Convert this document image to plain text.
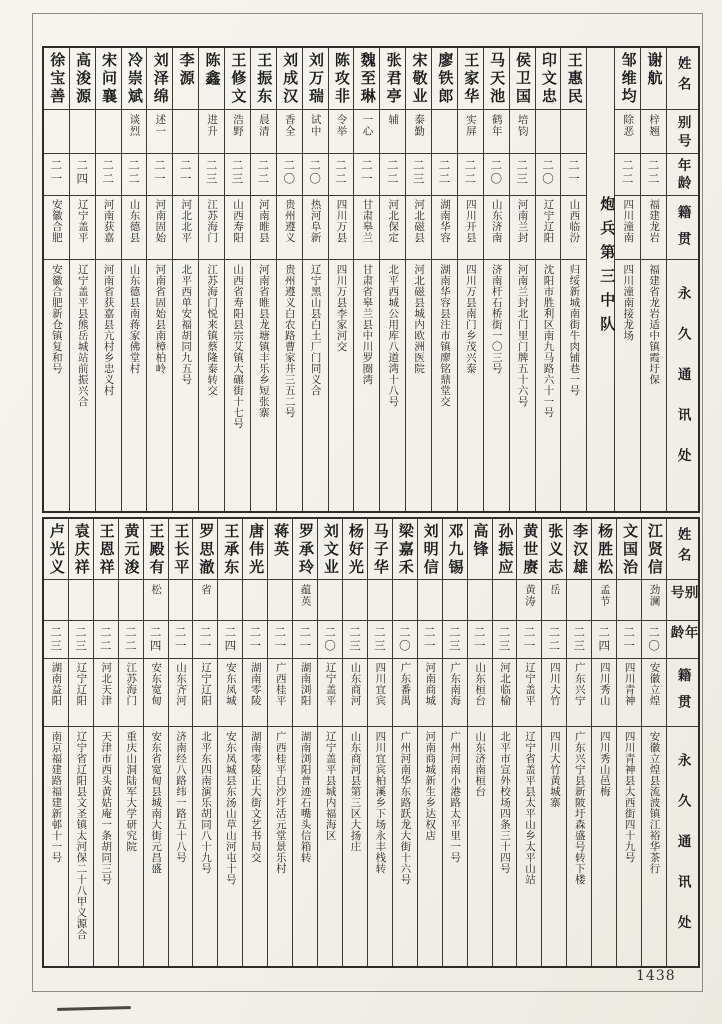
姓名
别号
年龄
籍贯
永久通讯处
谢航
梓翘
二二
福建龙岩
福建省龙岩适中镇霞圩保
邹维均
除恶
二二
四川潼南
四川潼南接龙场
炮兵第三中队
王惠民
二一
山西临汾
归绥新城南街牛肉铺巷一号
印文忠
二〇
辽宁辽阳
沈阳市胜利区南九马路六十一号
侯卫国
培钧
二三
河南兰封
河南兰封北门里门牌五十六号
马天池
鹤年
二〇
山东济南
济南杆石桥街一〇三号
王家华
实屏
二二
四川开县
四川万县南门乡茂兴泰
廖铁郎
二二
湖南华容
湖南华容县注市镇廖铭鼎堂交
宋敬业
泰勤
二三
河北磁县
河北磁县城内欧洲医院
张君亭
辅
二二
河北保定
北平西城公用库八道湾十八号
魏至琳
一心
二一
甘肃皋兰
甘肃省皋兰县中川罗圈湾
陈攻非
令举
二二
四川万县
四川万县李家河交
刘万瑞
试中
二〇
热河阜新
辽宁黑山县白土厂门同义合
刘成汉
香全
二〇
贵州遵义
贵州遵义白农路曹家井三五二号
王振东
晨清
二二
河南睢县
河南省睢县龙塘镇丰乐乡短张寨
王修文
浩野
二三
山西寿阳
山西省寿阳县宗艾镇大碾街十七号
陈鑫
进升
二三
江苏海门
江苏海门悦来镇蔡隆泰转交
李源
二一
河北北平
北平西单安福胡同九五号
刘泽绵
述一
二一
河南固始
河南省固始县南樟柏岭
冷崇斌
谈烈
二二
山东德县
山东德县南蒋家佛堂村
宋问襄
二二
河南获嘉
河南省获嘉县亢村乡忠义村
高浚源
二四
辽宁盖平
辽宁盖平县熊岳城站前振兴合
徐宝善
二一
安徽合肥
安徽合肥新仓镇复和号
姓名
别号
年龄
籍贯
永久通讯处
江贤信
劲澜
二〇
安徽立煌
安徽立煌县流波镇江裕华茶行
文国治
二一
四川青神
四川青神县大西街四十九号
杨胜松
孟节
二四
四川秀山
四川秀山邑梅
李汉雄
二三
广东兴宁
广东兴宁县新陂圩森盛号转下楼
张义志
岳
二二
四川大竹
四川大竹黄城寨
黄世赓
黄涛
二一
辽宁盖平
辽宁省盖平县太平山乡太平山站
孙振应
二三
河北临榆
北平市宣外校场四条三十四号
高锋
二一
山东桓台
山东济南桓台
邓九锡
二三
广东南海
广州河南小港路太平里一号
刘明信
二一
河南商城
河南商城新生乡达权店
梁嘉禾
二〇
广东番禺
广州河南华东路跃龙大街十六号
马子华
二三
四川宜宾
四川宜宾柏溪乡下场永丰栈转
杨好光
二三
山东商河
山东商河县第三区大扬庄
刘文业
二〇
辽宁盖平
辽宁盖平县城内福海区
罗承玲
蕴英
二一
湖南浏阳
湖南浏阳普迹石嘴头信箱转
蒋英
二一
广西桂平
广西桂平白沙圩活元堂景乐村
唐伟光
二一
湖南零陵
湖南零陵正大街文艺书局交
王承东
二四
安东凤城
安东凤城县东汤山草山河屯十号
罗思澈
省
二一
辽宁辽阳
北平东四南演乐胡同八十九号
王长平
二一
山东齐河
济南经八路纬一路五十八号
王殿有
松
二四
安东宽甸
安东省宽甸县城南大街元昌盛
黄元浚
二二
江苏海门
重庆山洞陆军大学研究院
王恩祥
二二
河北天津
天津市西头黄姑庵一条胡同三号
袁庆祥
二三
辽宁辽阳
辽宁省辽阳县文圣镇太河保二十八甲义源合
卢光义
二三
湖南益阳
南京福建路福建新邨十一号
1438
